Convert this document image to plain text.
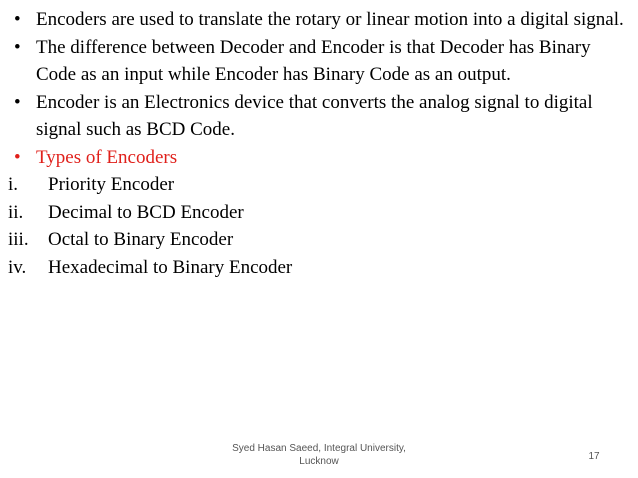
• Encoders are used to translate the rotary or linear motion into a digital signal.

• The difference between Decoder and Encoder is that Decoder has Binary Code as an input while Encoder has Binary Code as an output.

• Encoder is an Electronics device that converts the analog signal to digital signal such as BCD Code.

• Types of Encoders

i.	Priority Encoder

ii.	Decimal to BCD Encoder

iii.	Octal to Binary Encoder

iv.	Hexadecimal to Binary Encoder

Syed Hasan Saeed, Integral University, Lucknow	17
